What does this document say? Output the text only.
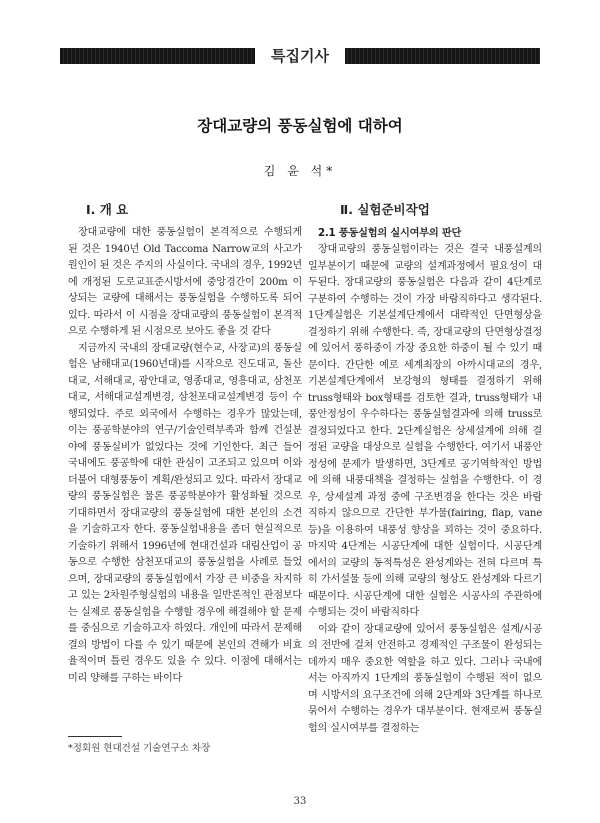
특집기사
장대교량의 풍동실험에 대하여
김 윤 석*
I. 개 요	Ⅱ. 실험준비작업

장대교량에 대한 풍동실험이 본격적으로 수행되게 된 것은 1940년 Old Taccoma Narrow교의 사고가 원인이 된 것은 주지의 사실이다. 국내의 경우, 1992년에 개정된 도로교표준시방서에 중앙경간이 200m 이상되는 교량에 대해서는 풍동실험을 수행하도록 되어있다. 따라서 이 시점을 장대교량의 풍동실험이 본격적으로 수행하게 된 시점으로 보아도 좋을 것 같다

지금까지 국내의 장대교량(현수교, 사장교)의 풍동실험은 남해대교(1960년대)를 시작으로 진도대교, 돌산대교, 서해대교, 광안대교, 영종대교, 영흥대교, 삼천포대교, 서해대교설계변경, 삼천포대교설계변경 등이 수행되었다. 주로 외국에서 수행하는 경우가 많았는데, 이는 풍공학분야의 연구/기술인력부족과 함께 건설분야에 풍동실비가 없었다는 것에 기인한다. 최근 들어 국내에도 풍공학에 대한 관심이 고조되고 있으며 이와 더불어 대형풍동이 계획/완성되고 있다. 따라서 장대교량의 풍동실험은 물론 풍공학분야가 활성화될 것으로 기대하면서 장대교량의 풍동실험에 대한 본인의 소견을 기술하고자 한다. 풍동실험내용을 좀더 현실적으로 기술하기 위해서 1996년에 현대건설과 대림산업이 공동으로 수행한 삼천포대교의 풍동실험을 사례로 들었으며, 장대교량의 풍동실험에서 가장 큰 비중을 차지하고 있는 2차원주형실험의 내용을 일반론적인 관점보다는 실제로 풍동실험을 수행할 경우에 해결해야 할 문제를 중심으로 기술하고자 하였다. 개인에 따라서 문제해결의 방법이 다를 수 있기 때문에 본인의 견해가 비효율적이며 틀린 경우도 있을 수 있다. 이점에 대해서는 미리 양해를 구하는 바이다

2.1 풍동실험의 실시여부의 판단

장대교량의 풍동실험이라는 것은 결국 내풍설계의 일부분이기 때문에 교량의 설계과정에서 필요성이 대두된다. 장대교량의 풍동실험은 다음과 같이 4단계로 구분하여 수행하는 것이 가장 바람직하다고 생각된다. 1단계실험은 기본설계단계에서 대략적인 단면형상을 결정하기 위해 수행한다. 즉, 장대교량의 단면형상결정에 있어서 풍하중이 가장 중요한 하중이 될 수 있기 때문이다. 간단한 예로 세계최장의 아까시대교의 경우, 기본설계단계에서 보강형의 형태를 결정하기 위해 truss형태와 box형태를 검토한 결과, truss형태가 내풍안정성이 우수하다는 풍동실험결과에 의해 truss로 결정되었다고 한다. 2단계실험은 상세설계에 의해 결정된 교량을 대상으로 실험을 수행한다. 여기서 내풍안정성에 문제가 발생하면, 3단계로 공기역학적인 방법에 의해 내풍대책을 결정하는 실험을 수행한다. 이 경우, 상세설계 과정 중에 구조변경을 한다는 것은 바람직하지 않으므로 간단한 부가물(fairing, flap, vane 등)을 이용하여 내풍성 향상을 꾀하는 것이 중요하다. 마지막 4단계는 시공단계에 대한 실험이다. 시공단계에서의 교량의 동적특성은 완성계와는 전혀 다르며 특히 가서설물 등에 의해 교량의 형상도 완성계와 다르기 때문이다. 시공단계에 대한 실험은 시공사의 주관하에 수행되는 것이 바람직하다

이와 같이 장대교량에 있어서 풍동실험은 설계/시공의 전반에 걸쳐 안전하고 경제적인 구조물이 완성되는데까지 매우 중요한 역할을 하고 있다. 그러나 국내에서는 아직까지 1단계의 풍동실험이 수행된 적이 없으며 시방서의 요구조건에 의해 2단계와 3단계를 하나로 묶어서 수행하는 경우가 대부분이다. 현재로써 풍동실험의 실시여부를 결정하는

*정회원 현대건설 기술연구소 차장
33
